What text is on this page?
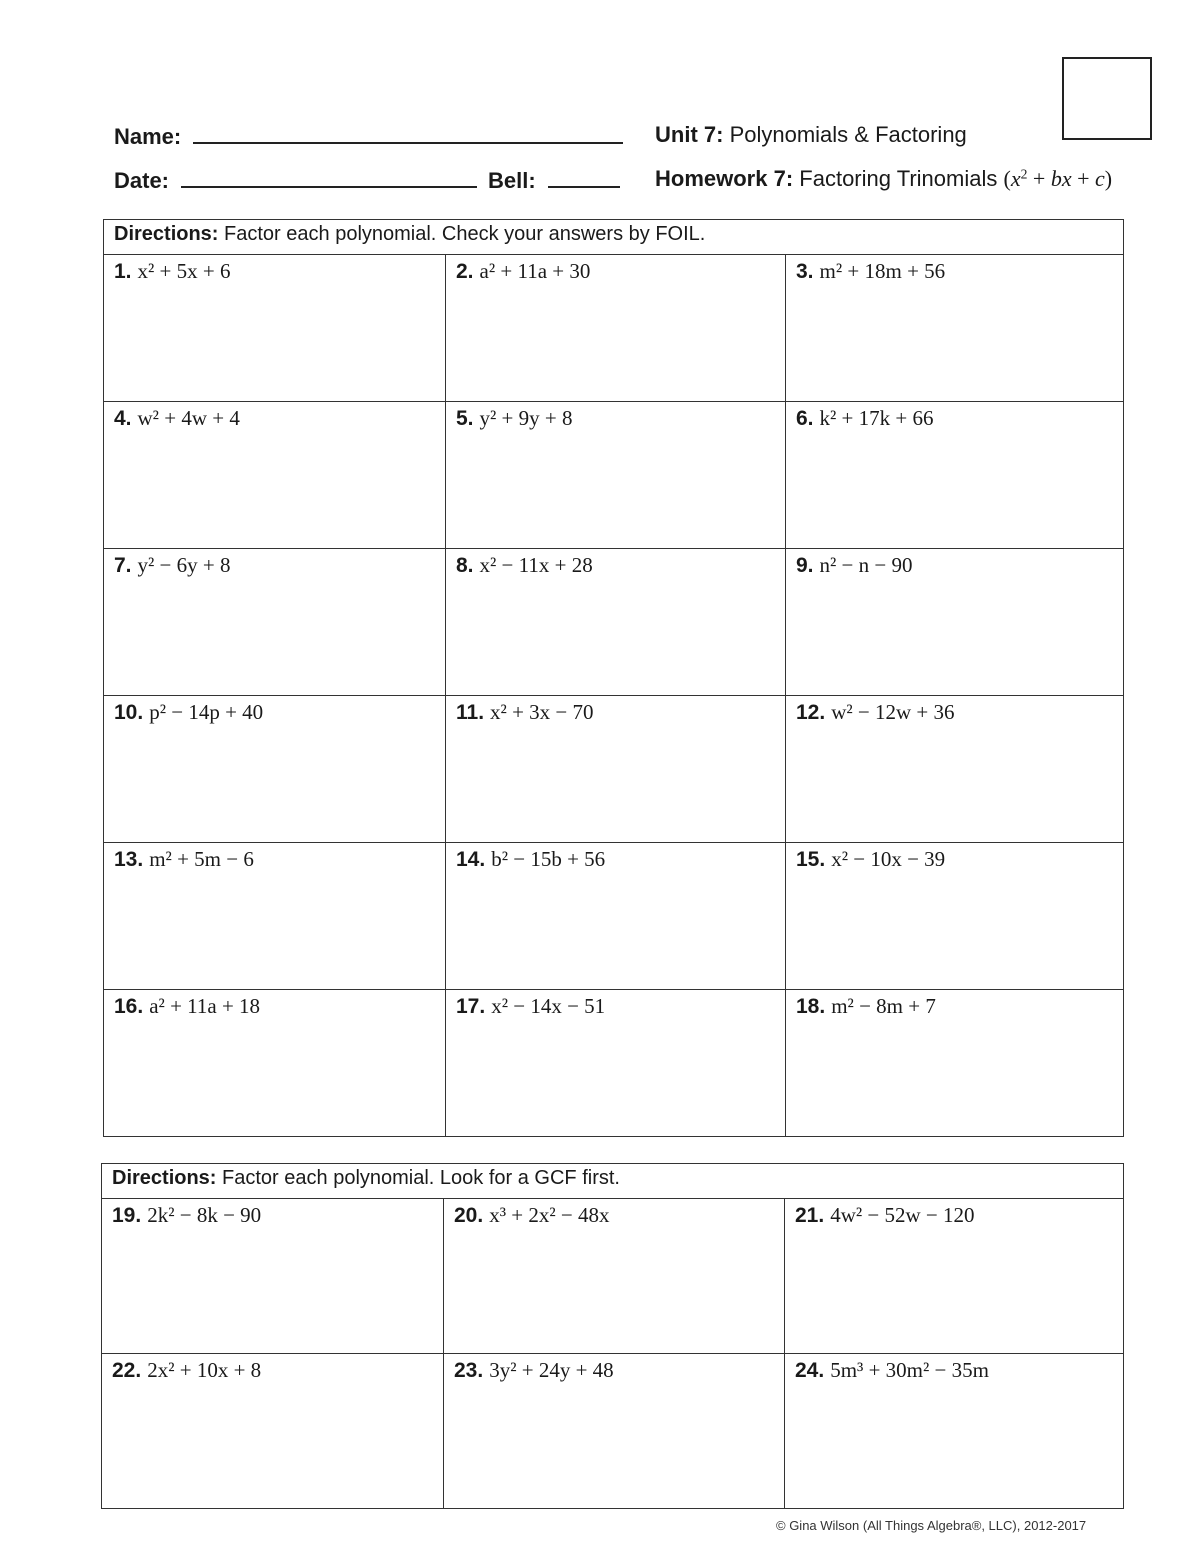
Name:	Unit 7: Polynomials & Factoring
Date:	Bell:	Homework 7: Factoring Trinomials ($x^2$ + bx + c)
Directions: Factor each polynomial. Check your answers by FOIL.		
1. x² + 5x + 6	2. a² + 11a + 30	3. m² + 18m + 56
4. w² + 4w + 4	5. y² + 9y + 8	6. k² + 17k + 66
7. y² − 6y + 8	8. x² − 11x + 28	9. n² − n − 90
10. p² − 14p + 40	11. x² + 3x − 70	12. w² − 12w + 36
13. m² + 5m − 6	14. b² − 15b + 56	15. x² − 10x − 39
16. a² + 11a + 18	17. x² − 14x − 51	18. m² − 8m + 7
Directions: Factor each polynomial. Look for a GCF first.		
19. 2k² − 8k − 90	20. x³ + 2x² − 48x	21. 4w² − 52w − 120
22. 2x² + 10x + 8	23. 3y² + 24y + 48	24. 5m³ + 30m² − 35m
© Gina Wilson (All Things Algebra®, LLC), 2012-2017
